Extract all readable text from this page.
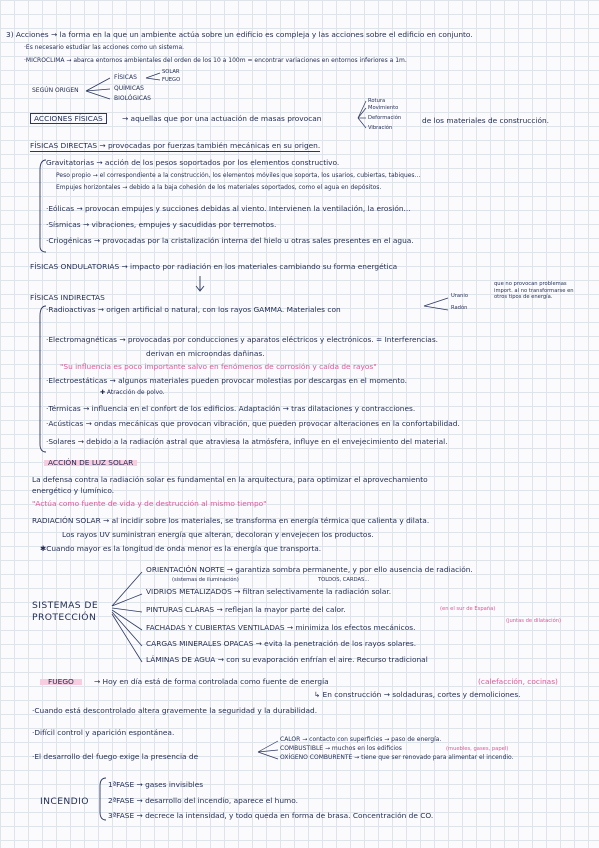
3) Acciones → la forma en la que un ambiente actúa sobre un edificio es compleja y las acciones sobre el edificio en conjunto.
·Es necesario estudiar las acciones como un sistema.
·MICROCLIMA → abarca entornos ambientales del orden de los 10 a 100m = encontrar variaciones en entornos inferiores a 1m.
SEGÚN ORIGEN
FÍSICAS
SOLAR
FUEGO
QUÍMICAS
BIOLÓGICAS
ACCIONES FÍSICAS	→ aquellas que por una actuación de masas provocan
Rotura
Movimiento
Deformación
Vibración
de los materiales de construcción.
FÍSICAS DIRECTAS → provocadas por fuerzas también mecánicas en su origen.
Gravitatorias → acción de los pesos soportados por los elementos constructivo.
Peso propio → el correspondiente a la construcción, los elementos móviles que soporta, los usarios, cubiertas, tabiques...
Empujes horizontales → debido a la baja cohesión de los materiales soportados, como el agua en depósitos.
·Eólicas → provocan empujes y succiones debidas al viento. Intervienen la ventilación, la erosión...
·Sísmicas → vibraciones, empujes y sacudidas por terremotos.
·Criogénicas → provocadas por la cristalización interna del hielo u otras sales presentes en el agua.
FÍSICAS ONDULATORIAS → impacto por radiación en los materiales cambiando su forma energética
FÍSICAS INDIRECTAS
·Radioactivas → origen artificial o natural, con los rayos GAMMA. Materiales con
Uranio
Radón
que no provocan problemas import. al no transformarse en otros tipos de energía.
·Electromagnéticas → provocadas por conducciones y aparatos eléctricos y electrónicos. = Interferencias.
derivan en microondas dañinas.
"Su influencia es poco importante salvo en fenómenos de corrosión y caída de rayos"
·Electroestáticas → algunos materiales pueden provocar molestias por descargas en el momento.
✚ Atracción de polvo.
·Térmicas → influencia en el confort de los edificios. Adaptación → tras dilataciones y contracciones.
·Acústicas → ondas mecánicas que provocan vibración, que pueden provocar alteraciones en la confortabilidad.
·Solares → debido a la radiación astral que atraviesa la atmósfera, influye en el envejecimiento del material.
ACCIÓN DE LUZ SOLAR
La defensa contra la radiación solar es fundamental en la arquitectura, para optimizar el aprovechamiento
energético y lumínico.
"Actúa como fuente de vida y de destrucción al mismo tiempo"
RADIACIÓN SOLAR → al incidir sobre los materiales, se transforma en energía térmica que calienta y dilata.
Los rayos UV suministran energía que alteran, decoloran y envejecen los productos.
✱Cuando mayor es la longitud de onda menor es la energía que transporta.
SISTEMAS DE
PROTECCIÓN
ORIENTACIÓN NORTE → garantiza sombra permanente, y por ello ausencia de radiación.
(sistemas de iluminación)	TOLDOS, CARDAS...
VIDRIOS METALIZADOS → filtran selectivamente la radiación solar.
PINTURAS CLARAS → reflejan la mayor parte del calor.	(en el sur de España)
FACHADAS Y CUBIERTAS VENTILADAS → minimiza los efectos mecánicos.
(juntas de dilatación)
CARGAS MINERALES OPACAS → evita la penetración de los rayos solares.
LÁMINAS DE AGUA → con su evaporación enfrían el aire. Recurso tradicional
FUEGO	→ Hoy en día está de forma controlada como fuente de energía	(calefacción, cocinas)
↳ En construcción → soldaduras, cortes y demoliciones.
·Cuando está descontrolado altera gravemente la seguridad y la durabilidad.
·Difícil control y aparición espontánea.
·El desarrollo del fuego exige la presencia de
CALOR → contacto con superficies → paso de energía.
COMBUSTIBLE → muchos en los edificios	(muebles, gases, papel)
OXÍGENO COMBURENTE → tiene que ser renovado para alimentar el incendio.
INCENDIO
1ªFASE → gases invisibles
2ªFASE → desarrollo del incendio, aparece el humo.
3ªFASE → decrece la intensidad, y todo queda en forma de brasa. Concentración de CO.
